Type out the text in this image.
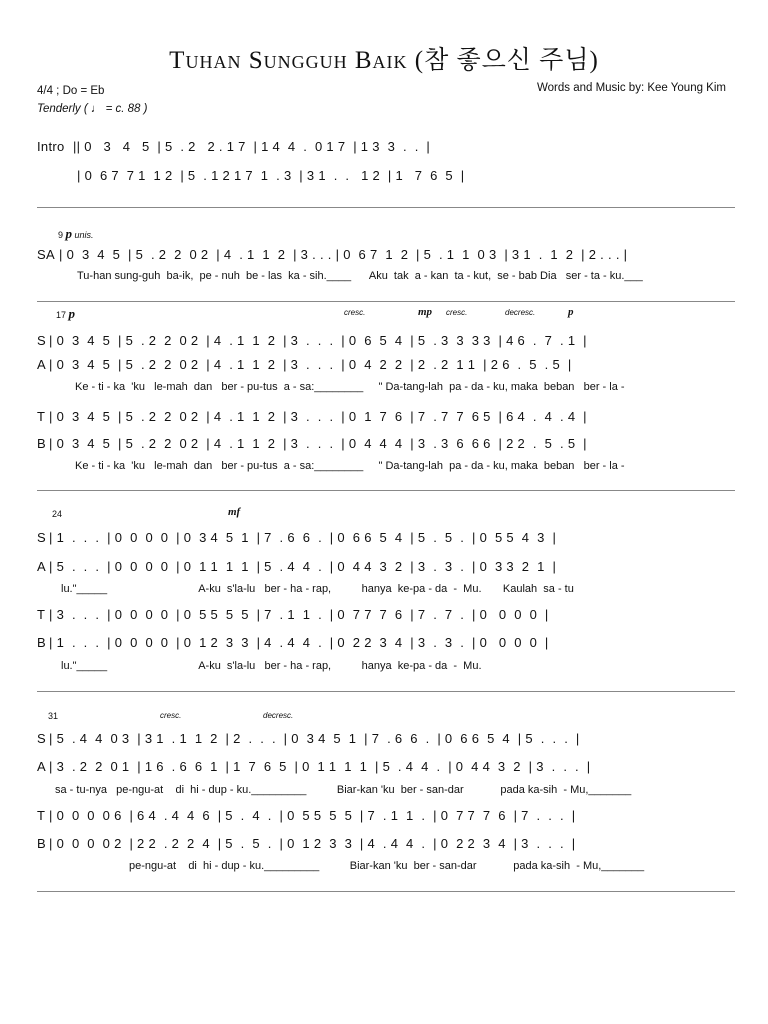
Tuhan Sungguh Baik (참 좋으신 주님)
4/4 ; Do = Eb
Tenderly ( ♩ = c. 88 )
Words and Music by: Kee Young Kim

Intro

|| 0   3   4   5  | 5  . 2   2 . 1 7  | 1 4  4  .  0 1 7  | 1 3  3  .  .  |

| 0  6 7  7 1  1 2  | 5  . 1 2 1 7  1  . 3  | 3 1  .  .   1 2  | 1   7  6  5  |

9 p unis.

SA

| 0  3  4  5  | 5  . 2  2  0 2  | 4  . 1  1  2  | 3 . . . | 0  6 7  1  2  | 5  . 1  1  0 3  | 3 1  .  1  2  | 2 . . . |

Tu-han sung-guh  ba-ik,  pe - nuh  be - las  ka - sih.____      Aku  tak  a - kan  ta - kut,  se - bab Dia   ser - ta - ku.___

17 p	cresc.	mp cresc.	decresc.	p

S

| 0  3  4  5  | 5  . 2  2  0 2  | 4  . 1  1  2  | 3  .  .  .  | 0  6  5  4  | 5  . 3  3  3 3  | 4 6  .  7  . 1  |

A

| 0  3  4  5  | 5  . 2  2  0 2  | 4  . 1  1  2  | 3  .  .  .  | 0  4  2  2  | 2  . 2  1 1  | 2 6  .  5  . 5  |

Ke - ti - ka  'ku   le-mah  dan   ber - pu-tus  a - sa:________     " Da-tang-lah  pa - da - ku, maka  beban   ber - la -

T

| 0  3  4  5  | 5  . 2  2  0 2  | 4  . 1  1  2  | 3  .  .  .  | 0  1  7  6  | 7  . 7  7  6 5  | 6 4  .  4  . 4  |

B

| 0  3  4  5  | 5  . 2  2  0 2  | 4  . 1  1  2  | 3  .  .  .  | 0  4  4  4  | 3  . 3  6  6 6  | 2 2  .  5  . 5  |

Ke - ti - ka  'ku   le-mah  dan   ber - pu-tus  a - sa:________     " Da-tang-lah  pa - da - ku, maka  beban   ber - la -

24	mf

S

| 1  .  .  .  | 0  0  0  0  | 0  3 4  5  1  | 7  . 6  6  .  | 0  6 6  5  4  | 5  .  5  .  | 0  5 5  4  3  |

A

| 5  .  .  .  | 0  0  0  0  | 0  1 1  1  1  | 5  . 4  4  .  | 0  4 4  3  2  | 3  .  3  .  | 0  3 3  2  1  |

lu."_____                              A-ku  s'la-lu   ber - ha - rap,          hanya  ke-pa - da  -  Mu.       Kaulah  sa - tu

T

| 3  .  .  .  | 0  0  0  0  | 0  5 5  5  5  | 7  . 1  1  .  | 0  7 7  7  6  | 7  .  7  .  | 0   0  0  0  |

B

| 1  .  .  .  | 0  0  0  0  | 0  1 2  3  3  | 4  . 4  4  .  | 0  2 2  3  4  | 3  .  3  .  | 0   0  0  0  |

lu."_____                              A-ku  s'la-lu   ber - ha - rap,          hanya  ke-pa - da  -  Mu.

31	cresc.	decresc.

S

| 5  . 4  4  0 3  | 3 1  . 1  1  2  | 2  .  .  .  | 0  3 4  5  1  | 7  . 6  6  .  | 0  6 6  5  4  | 5  .  .  .  |

A

| 3  . 2  2  0 1  | 1 6  . 6  6  1  | 1  7  6  5  | 0  1 1  1  1  | 5  . 4  4  .  | 0  4 4  3  2  | 3  .  .  .  |

sa - tu-nya   pe-ngu-at    di  hi - dup - ku._________          Biar-kan 'ku  ber - san-dar            pada ka-sih  - Mu,_______

T

| 0  0  0  0 6  | 6 4  . 4  4  6  | 5  .  4  .  | 0  5 5  5  5  | 7  . 1  1  .  | 0  7 7  7  6  | 7  .  .  .  |

B

| 0  0  0  0 2  | 2 2  . 2  2  4  | 5  .  5  .  | 0  1 2  3  3  | 4  . 4  4  .  | 0  2 2  3  4  | 3  .  .  .  |

pe-ngu-at    di  hi - dup - ku._________          Biar-kan 'ku  ber - san-dar            pada ka-sih  - Mu,_______
